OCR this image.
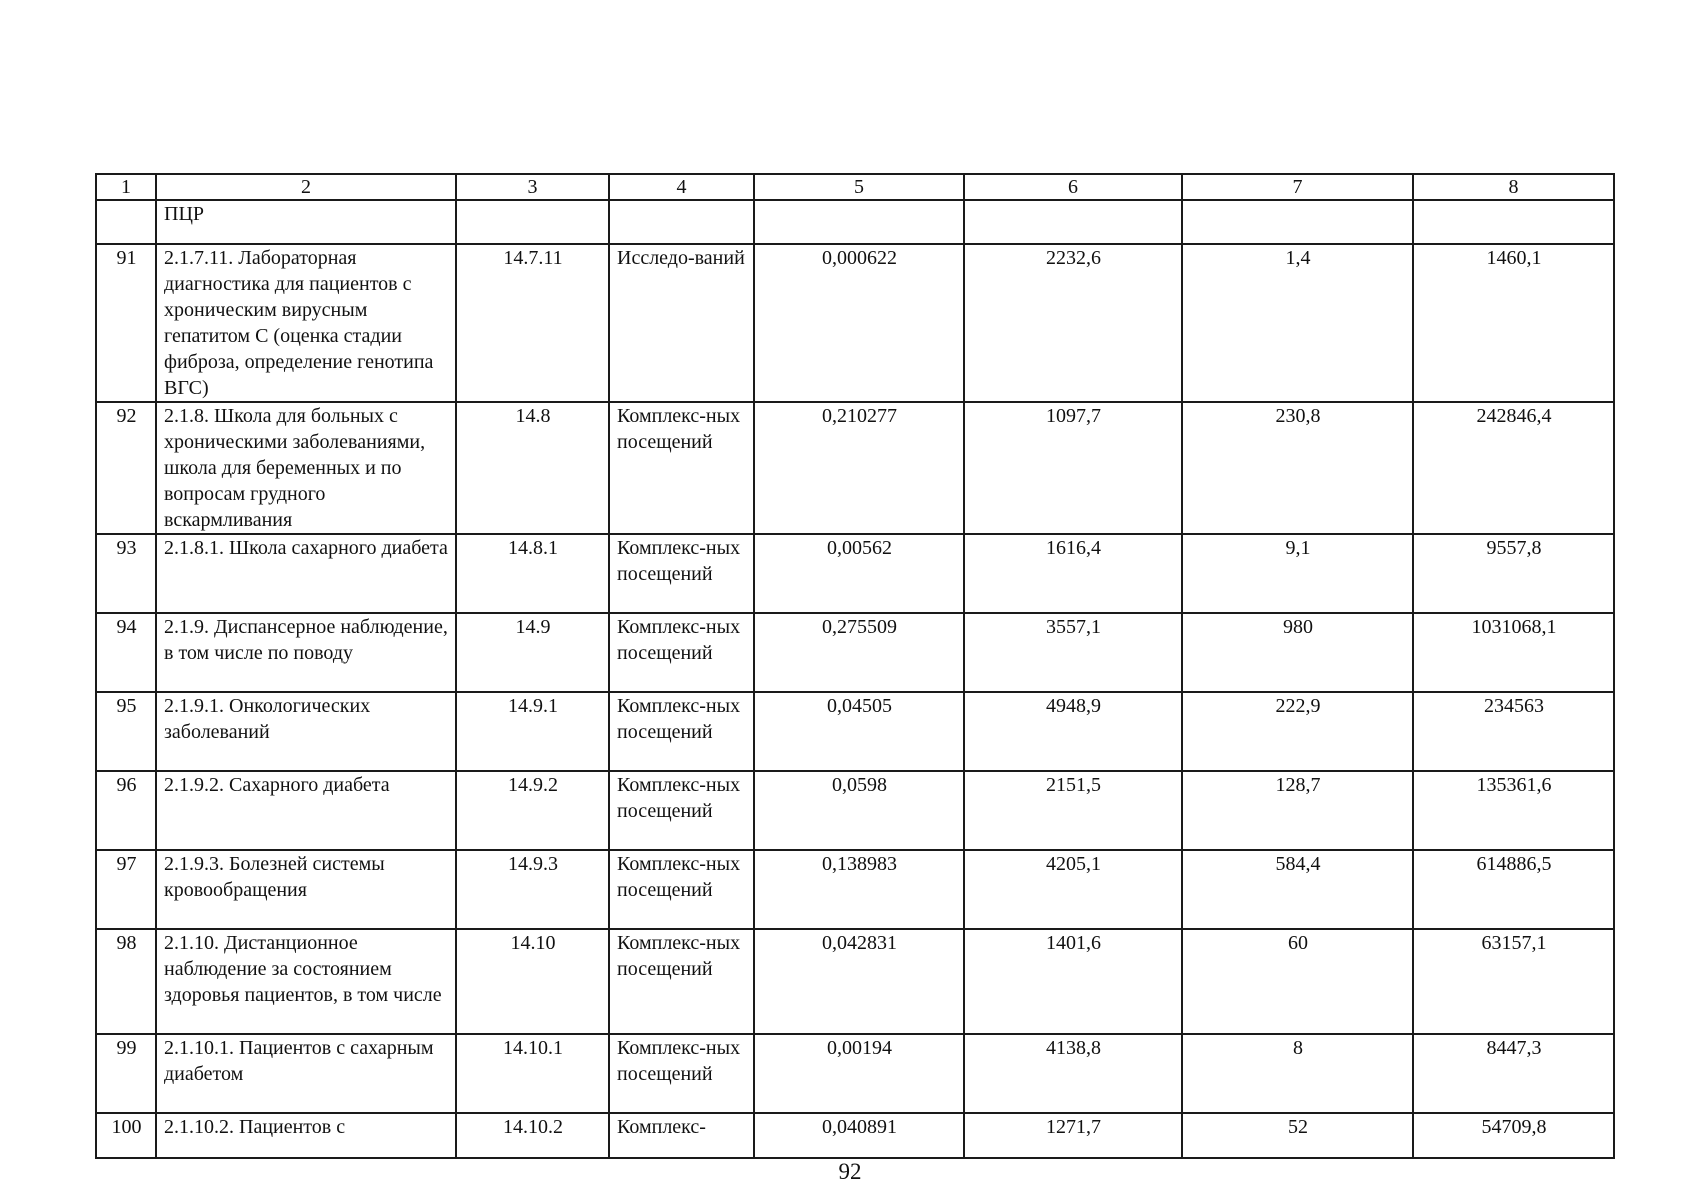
1	2	3	4	5	6	7	8
	ПЦР						
91	2.1.7.11. Лабораторная диагностика для пациентов с хроническим вирусным гепатитом С (оценка стадии фиброза, определение генотипа ВГС)	14.7.11	Исследо-ваний	0,000622	2232,6	1,4	1460,1
92	2.1.8. Школа для больных с хроническими заболеваниями, школа для беременных и по вопросам грудного вскармливания	14.8	Комплекс-ных посещений	0,210277	1097,7	230,8	242846,4
93	2.1.8.1. Школа сахарного диабета	14.8.1	Комплекс-ных посещений	0,00562	1616,4	9,1	9557,8
94	2.1.9. Диспансерное наблюдение, в том числе по поводу	14.9	Комплекс-ных посещений	0,275509	3557,1	980	1031068,1
95	2.1.9.1. Онкологических заболеваний	14.9.1	Комплекс-ных посещений	0,04505	4948,9	222,9	234563
96	2.1.9.2. Сахарного диабета	14.9.2	Комплекс-ных посещений	0,0598	2151,5	128,7	135361,6
97	2.1.9.3. Болезней системы кровообращения	14.9.3	Комплекс-ных посещений	0,138983	4205,1	584,4	614886,5
98	2.1.10. Дистанционное наблюдение за состоянием здоровья пациентов, в том числе	14.10	Комплекс-ных посещений	0,042831	1401,6	60	63157,1
99	2.1.10.1. Пациентов с сахарным диабетом	14.10.1	Комплекс-ных посещений	0,00194	4138,8	8	8447,3
100	2.1.10.2. Пациентов с	14.10.2	Комплекс-	0,040891	1271,7	52	54709,8
92
